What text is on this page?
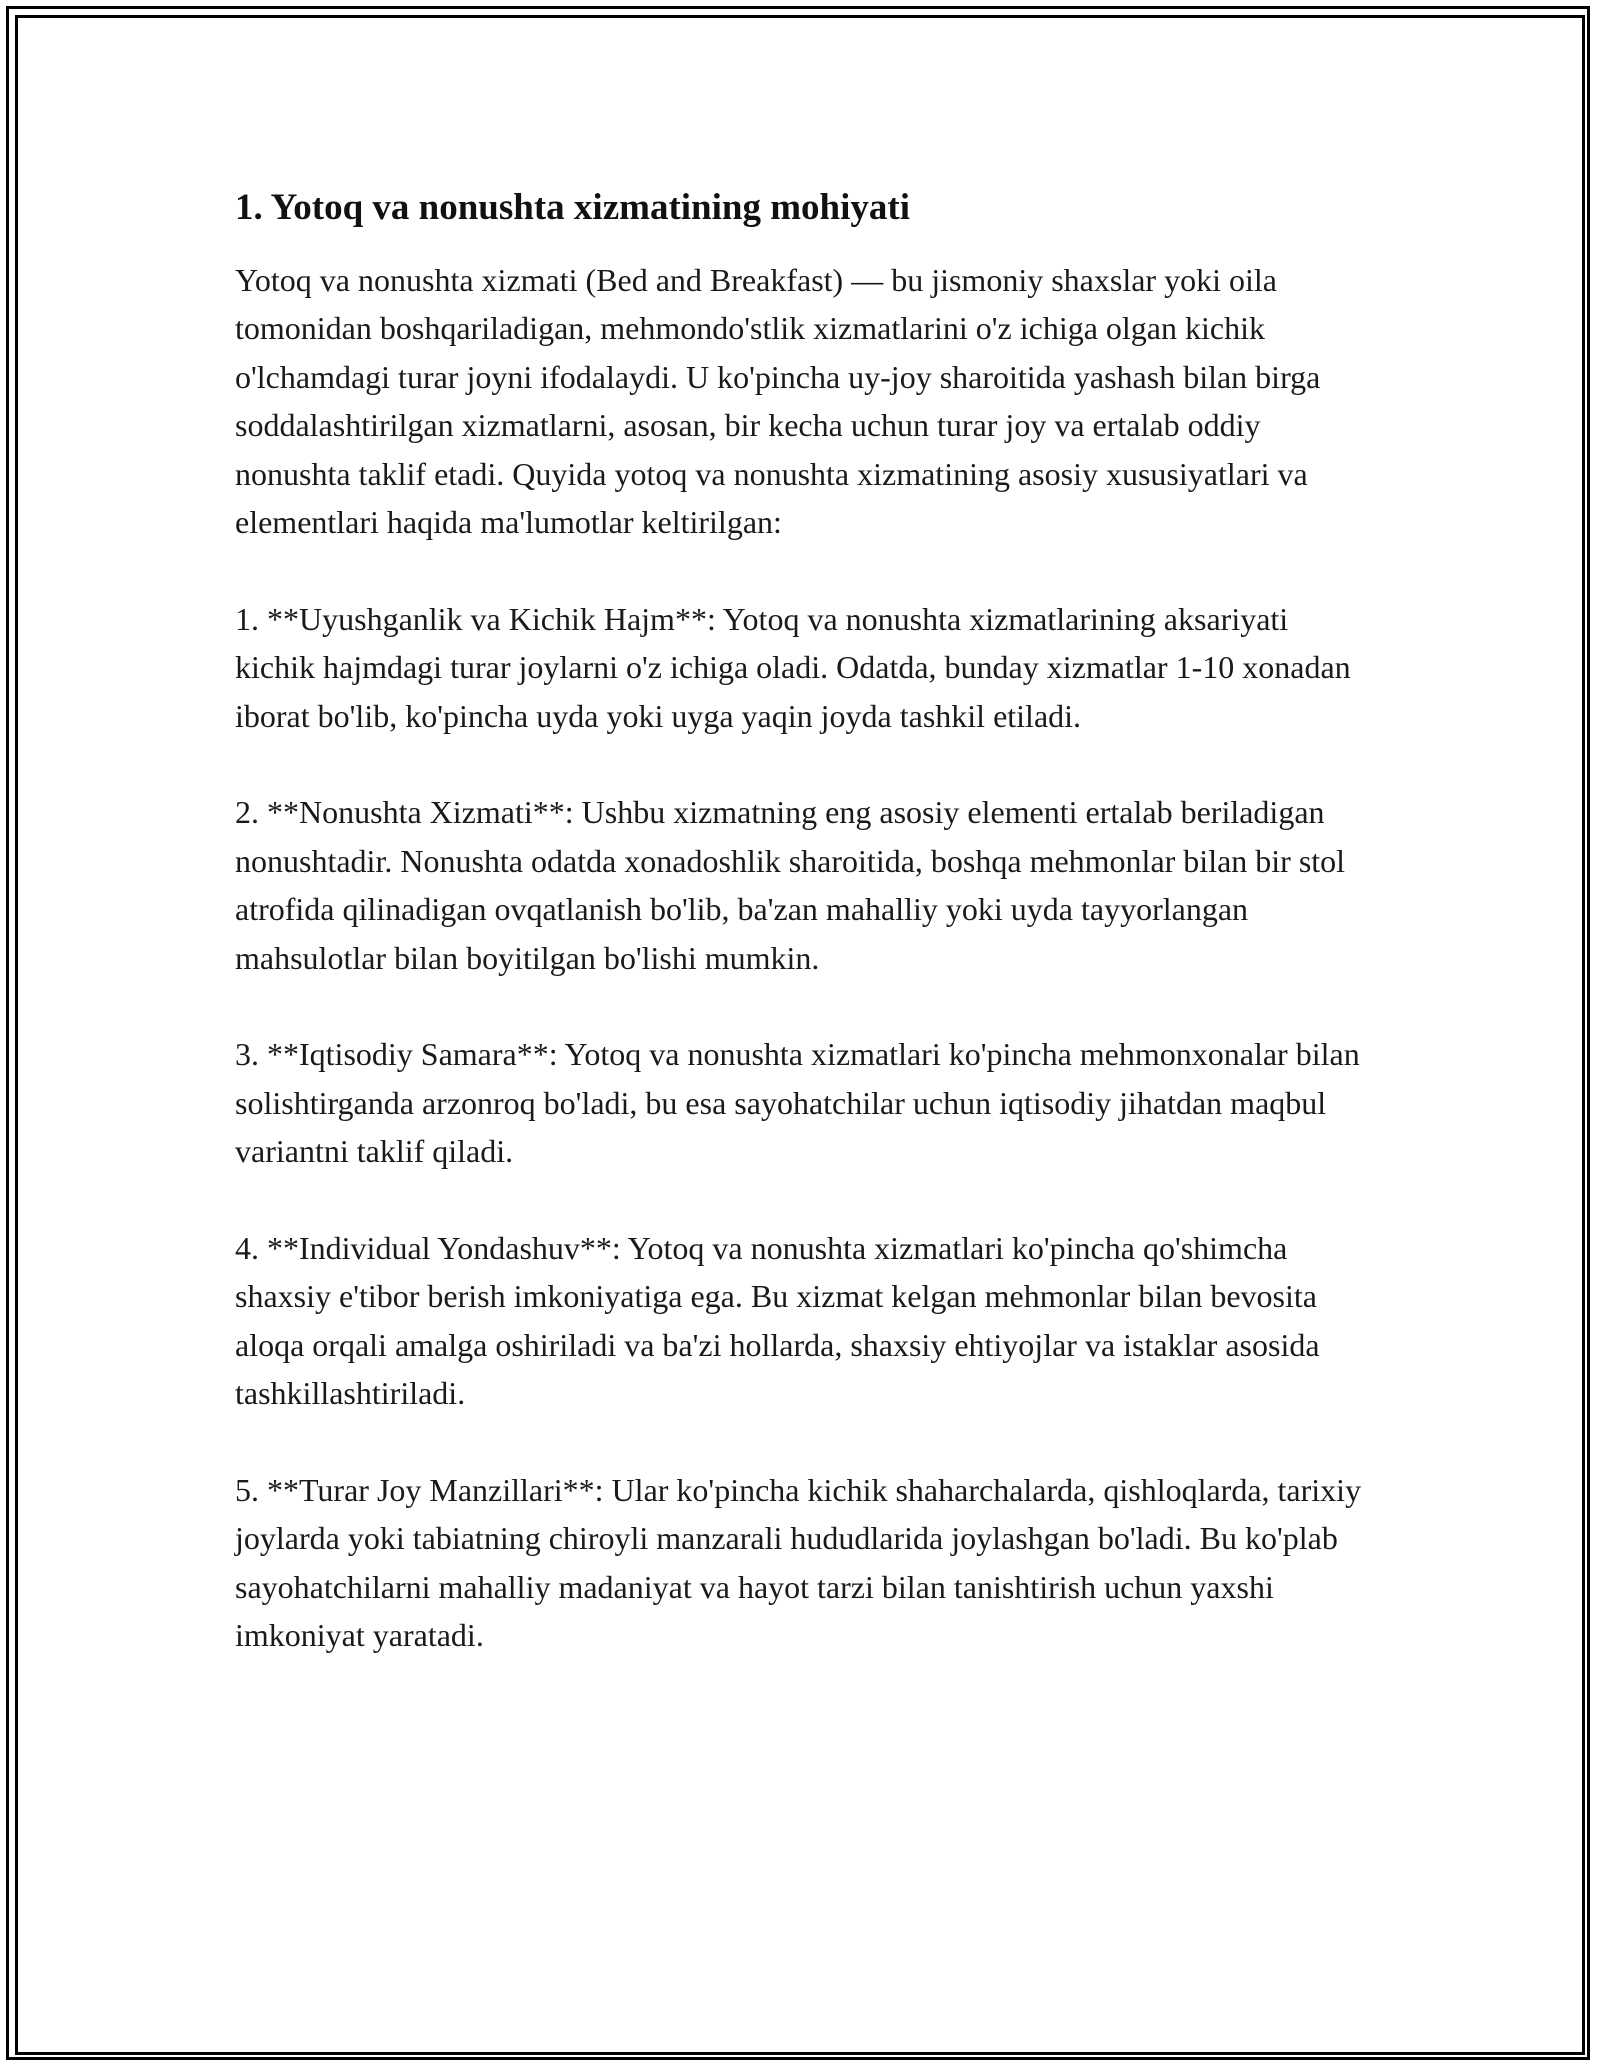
1. Yotoq va nonushta xizmatining mohiyati

Yotoq va nonushta xizmati (Bed and Breakfast) — bu jismoniy shaxslar yoki oila tomonidan boshqariladigan, mehmondo'stlik xizmatlarini o'z ichiga olgan kichik o'lchamdagi turar joyni ifodalaydi. U ko'pincha uy-joy sharoitida yashash bilan birga soddalashtirilgan xizmatlarni, asosan, bir kecha uchun turar joy va ertalab oddiy nonushta taklif etadi. Quyida yotoq va nonushta xizmatining asosiy xususiyatlari va elementlari haqida ma'lumotlar keltirilgan:

1. **Uyushganlik va Kichik Hajm**: Yotoq va nonushta xizmatlarining aksariyati kichik hajmdagi turar joylarni o'z ichiga oladi. Odatda, bunday xizmatlar 1-10 xonadan iborat bo'lib, ko'pincha uyda yoki uyga yaqin joyda tashkil etiladi.

2. **Nonushta Xizmati**: Ushbu xizmatning eng asosiy elementi ertalab beriladigan nonushtadir. Nonushta odatda xonadoshlik sharoitida, boshqa mehmonlar bilan bir stol atrofida qilinadigan ovqatlanish bo'lib, ba'zan mahalliy yoki uyda tayyorlangan mahsulotlar bilan boyitilgan bo'lishi mumkin.

3. **Iqtisodiy Samara**: Yotoq va nonushta xizmatlari ko'pincha mehmonxonalar bilan solishtirganda arzonroq bo'ladi, bu esa sayohatchilar uchun iqtisodiy jihatdan maqbul variantni taklif qiladi.

4. **Individual Yondashuv**: Yotoq va nonushta xizmatlari ko'pincha qo'shimcha shaxsiy e'tibor berish imkoniyatiga ega. Bu xizmat kelgan mehmonlar bilan bevosita aloqa orqali amalga oshiriladi va ba'zi hollarda, shaxsiy ehtiyojlar va istaklar asosida tashkillashtiriladi.

5. **Turar Joy Manzillari**: Ular ko'pincha kichik shaharchalarda, qishloqlarda, tarixiy joylarda yoki tabiatning chiroyli manzarali hududlarida joylashgan bo'ladi. Bu ko'plab sayohatchilarni mahalliy madaniyat va hayot tarzi bilan tanishtirish uchun yaxshi imkoniyat yaratadi.
